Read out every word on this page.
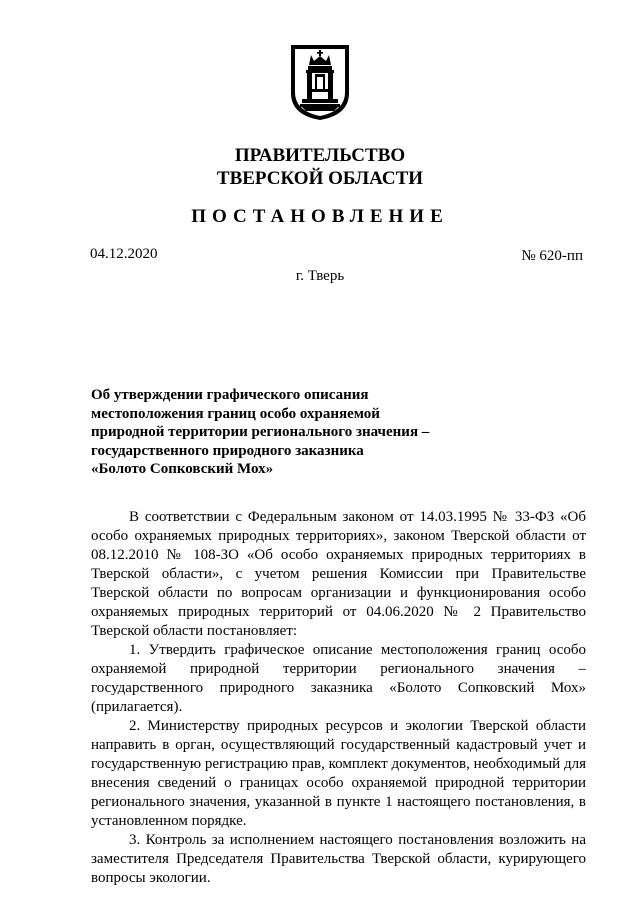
ПРАВИТЕЛЬСТВО
ТВЕРСКОЙ ОБЛАСТИ
ПОСТАНОВЛЕНИЕ
04.12.2020	№ 620-пп
г. Тверь
Об утверждении графического описания
местоположения границ особо охраняемой
природной территории регионального значения –
государственного природного заказника
«Болото Сопковский Мох»

В соответствии с Федеральным законом от 14.03.1995 № 33-ФЗ «Об особо охраняемых природных территориях», законом Тверской области от 08.12.2010 № 108-ЗО «Об особо охраняемых природных территориях в Тверской области», с учетом решения Комиссии при Правительстве Тверской области по вопросам организации и функционирования особо охраняемых природных территорий от 04.06.2020 № 2 Правительство Тверской области постановляет:

1. Утвердить графическое описание местоположения границ особо охраняемой природной территории регионального значения – государственного природного заказника «Болото Сопковский Мох» (прилагается).

2. Министерству природных ресурсов и экологии Тверской области направить в орган, осуществляющий государственный кадастровый учет и государственную регистрацию прав, комплект документов, необходимый для внесения сведений о границах особо охраняемой природной территории регионального значения, указанной в пункте 1 настоящего постановления, в установленном порядке.

3. Контроль за исполнением настоящего постановления возложить на заместителя Председателя Правительства Тверской области, курирующего вопросы экологии.
